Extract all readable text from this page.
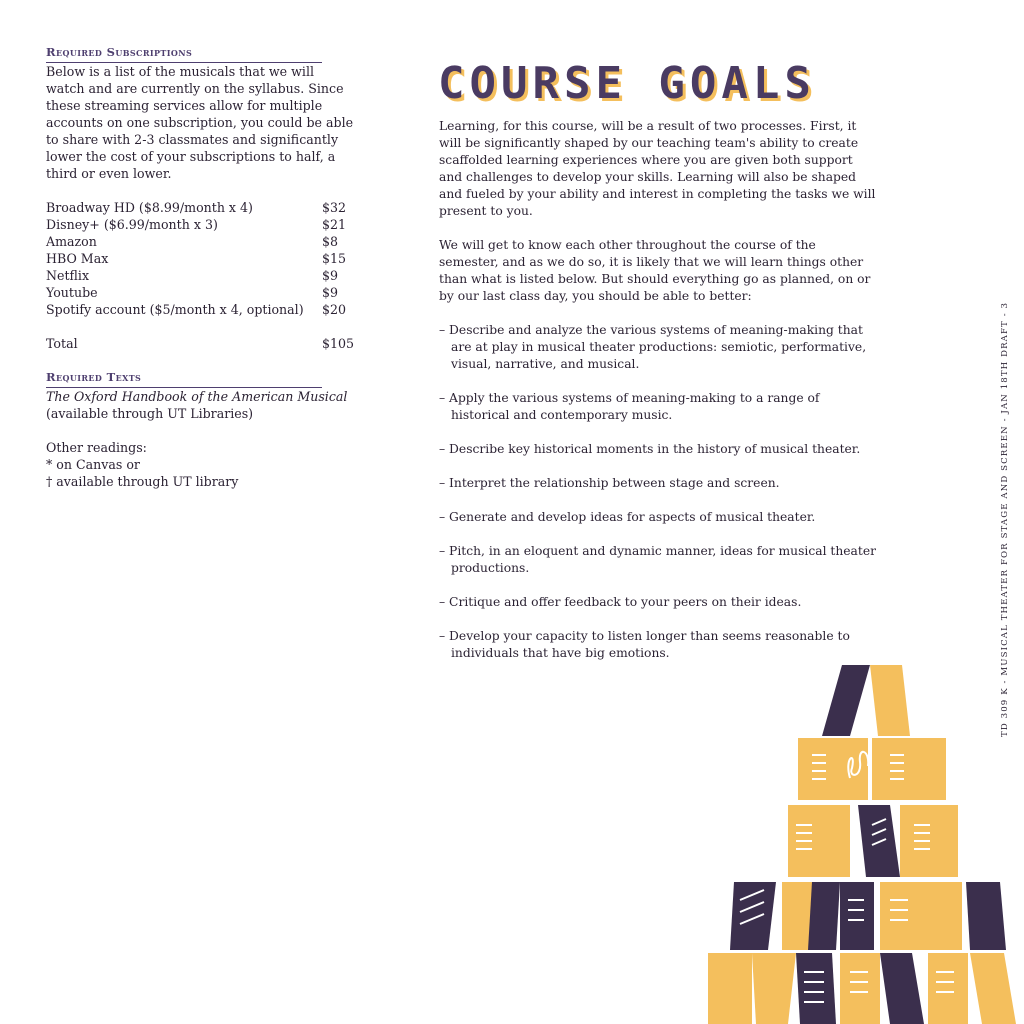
Required Subscriptions

Below is a list of the musicals that we will watch and are currently on the syllabus. Since these streaming services allow for multiple accounts on one subscription, you could be able to share with 2-3 classmates and significantly lower the cost of your subscriptions to half, a third or even lower.

Broadway HD ($8.99/month x 4)	$32
Disney+ ($6.99/month x 3)	$21
Amazon	$8
HBO Max	$15
Netflix	$9
Youtube	$9
Spotify account ($5/month x 4, optional) $20
Total	$105
Required Texts
The Oxford Handbook of the American Musical
(available through UT Libraries)
Other readings:
* on Canvas or
† available through UT library
COURSE GOALS

Learning, for this course, will be a result of two processes. First, it will be significantly shaped by our teaching team's ability to create scaffolded learning experiences where you are given both support and challenges to develop your skills. Learning will also be shaped and fueled by your ability and interest in completing the tasks we will present to you.

We will get to know each other throughout the course of the semester, and as we do so, it is likely that we will learn things other than what is listed below. But should everything go as planned, on or by our last class day, you should be able to better:

– Describe and analyze the various systems of meaning-making that are at play in musical theater productions: semiotic, performative, visual, narrative, and musical.
– Apply the various systems of meaning-making to a range of historical and contemporary music.
– Describe key historical moments in the history of musical theater.
– Interpret the relationship between stage and screen.
– Generate and develop ideas for aspects of musical theater.
– Pitch, in an eloquent and dynamic manner, ideas for musical theater productions.
– Critique and offer feedback to your peers on their ideas.
– Develop your capacity to listen longer than seems reasonable to individuals that have big emotions.	TD 309 K - MUSICAL THEATER FOR STAGE AND SCREEN - JAN 18TH DRAFT - 3
